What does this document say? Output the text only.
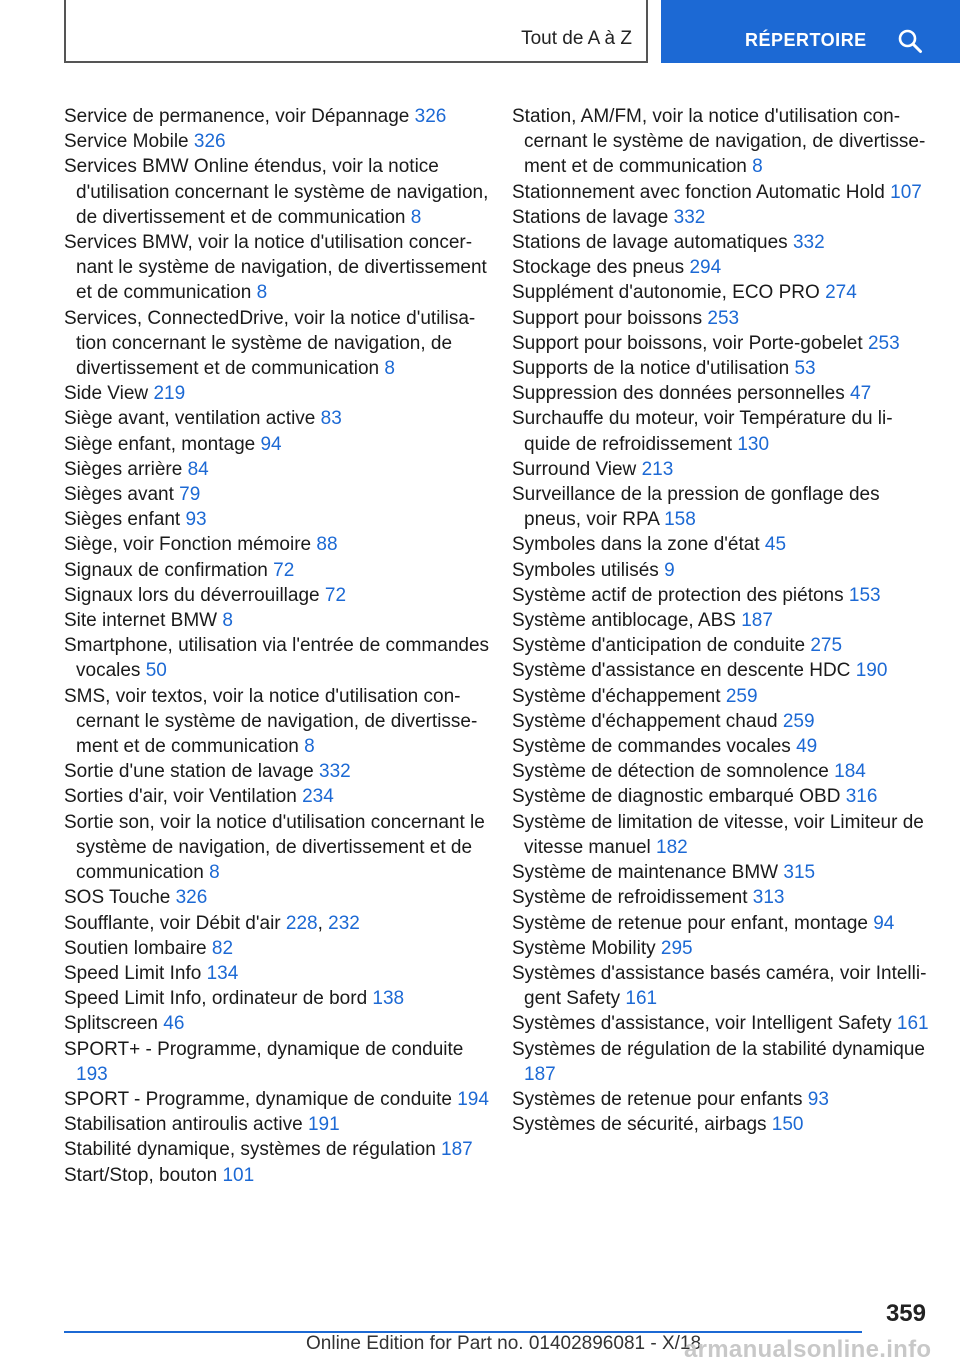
Tout de A à Z	RÉPERTOIRE
Service de permanence, voir Dépannage 326
Service Mobile 326
Services BMW Online étendus, voir la notice d'utilisation concernant le système de navigation, de divertissement et de communication 8
Services BMW, voir la notice d'utilisation concernant le système de navigation, de divertissement et de communication 8
Services, ConnectedDrive, voir la notice d'utilisation concernant le système de navigation, de divertissement et de communication 8
Side View 219
Siège avant, ventilation active 83
Siège enfant, montage 94
Sièges arrière 84
Sièges avant 79
Sièges enfant 93
Siège, voir Fonction mémoire 88
Signaux de confirmation 72
Signaux lors du déverrouillage 72
Site internet BMW 8
Smartphone, utilisation via l'entrée de commandes vocales 50
SMS, voir textos, voir la notice d'utilisation concernant le système de navigation, de divertissement et de communication 8
Sortie d'une station de lavage 332
Sorties d'air, voir Ventilation 234
Sortie son, voir la notice d'utilisation concernant le système de navigation, de divertissement et de communication 8
SOS Touche 326
Soufflante, voir Débit d'air 228, 232
Soutien lombaire 82
Speed Limit Info 134
Speed Limit Info, ordinateur de bord 138
Splitscreen 46
SPORT+ - Programme, dynamique de conduite 193
SPORT - Programme, dynamique de conduite 194
Stabilisation antiroulis active 191
Stabilité dynamique, systèmes de régulation 187
Start/Stop, bouton 101
Station, AM/FM, voir la notice d'utilisation concernant le système de navigation, de divertissement et de communication 8
Stationnement avec fonction Automatic Hold 107
Stations de lavage 332
Stations de lavage automatiques 332
Stockage des pneus 294
Supplément d'autonomie, ECO PRO 274
Support pour boissons 253
Support pour boissons, voir Porte-gobelet 253
Supports de la notice d'utilisation 53
Suppression des données personnelles 47
Surchauffe du moteur, voir Température du liquide de refroidissement 130
Surround View 213
Surveillance de la pression de gonflage des pneus, voir RPA 158
Symboles dans la zone d'état 45
Symboles utilisés 9
Système actif de protection des piétons 153
Système antiblocage, ABS 187
Système d'anticipation de conduite 275
Système d'assistance en descente HDC 190
Système d'échappement 259
Système d'échappement chaud 259
Système de commandes vocales 49
Système de détection de somnolence 184
Système de diagnostic embarqué OBD 316
Système de limitation de vitesse, voir Limiteur de vitesse manuel 182
Système de maintenance BMW 315
Système de refroidissement 313
Système de retenue pour enfant, montage 94
Système Mobility 295
Systèmes d'assistance basés caméra, voir Intelligent Safety 161
Systèmes d'assistance, voir Intelligent Safety 161
Systèmes de régulation de la stabilité dynamique 187
Systèmes de retenue pour enfants 93
Systèmes de sécurité, airbags 150
359
Online Edition for Part no. 01402896081 - X/18
armanualsonline.info
